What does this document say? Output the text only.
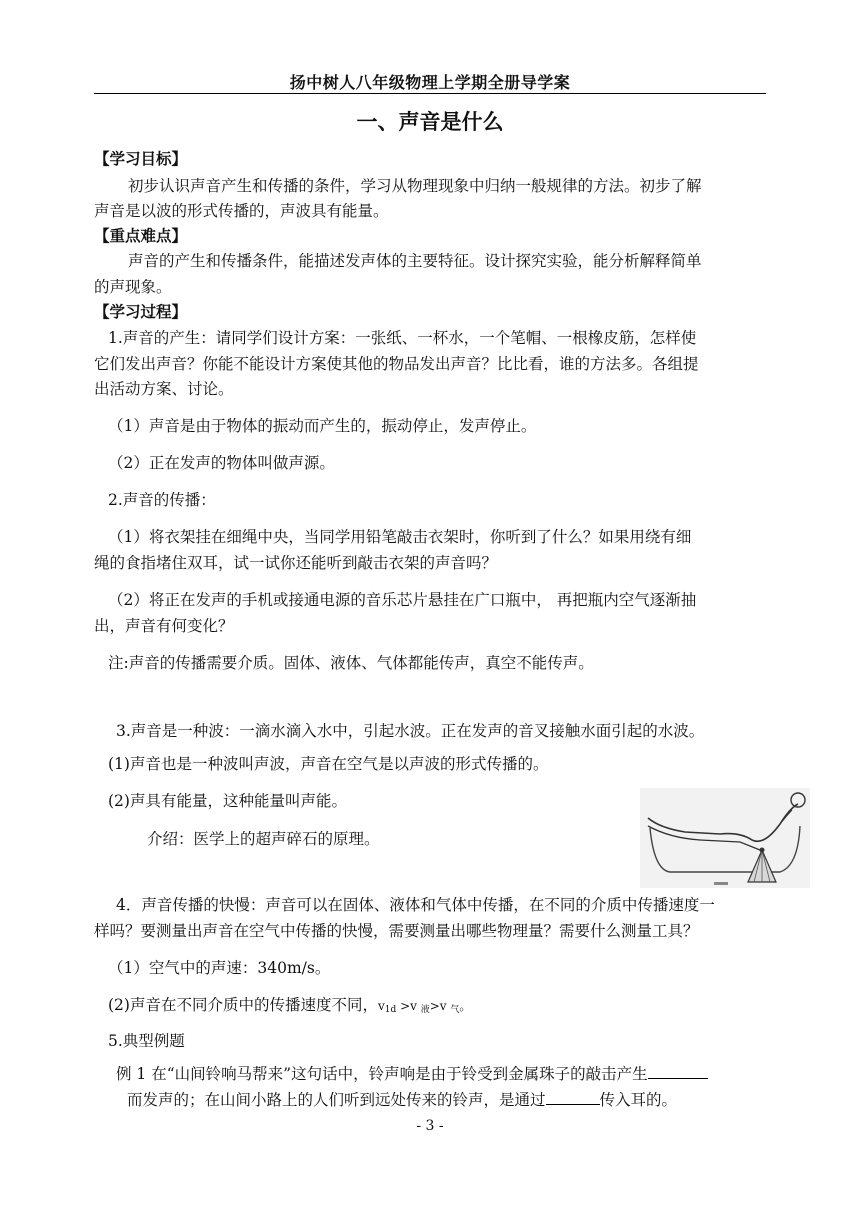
扬中树人八年级物理上学期全册导学案
一、声音是什么
【学习目标】
初步认识声音产生和传播的条件，学习从物理现象中归纳一般规律的方法。初步了解
声音是以波的形式传播的，声波具有能量。
【重点难点】
声音的产生和传播条件，能描述发声体的主要特征。设计探究实验，能分析解释简单
的声现象。
【学习过程】
1.声音的产生：请同学们设计方案：一张纸、一杯水，一个笔帽、一根橡皮筋，怎样使
它们发出声音？你能不能设计方案使其他的物品发出声音？比比看，谁的方法多。各组提
出活动方案、讨论。
（1）声音是由于物体的振动而产生的，振动停止，发声停止。
（2）正在发声的物体叫做声源。
2.声音的传播：
（1）将衣架挂在细绳中央，当同学用铅笔敲击衣架时，你听到了什么？如果用绕有细
绳的食指堵住双耳，试一试你还能听到敲击衣架的声音吗？
（2）将正在发声的手机或接通电源的音乐芯片悬挂在广口瓶中， 再把瓶内空气逐渐抽
出，声音有何变化？
注:声音的传播需要介质。固体、液体、气体都能传声，真空不能传声。
3.声音是一种波：一滴水滴入水中，引起水波。正在发声的音叉接触水面引起的水波。
(1)声音也是一种波叫声波，声音在空气是以声波的形式传播的。
(2)声具有能量，这种能量叫声能。
介绍：医学上的超声碎石的原理。
4．声音传播的快慢：声音可以在固体、液体和气体中传播，在不同的介质中传播速度一
样吗？要测量出声音在空气中传播的快慢，需要测量出哪些物理量？需要什么测量工具？
（1）空气中的声速：340m/s。
(2)声音在不同介质中的传播速度不同，$v_{1d} >v$ $_液$>v $_气$。
5.典型例题
例 1 在“山间铃响马帮来”这句话中，铃声响是由于铃受到金属珠子的敲击产生
而发声的；在山间小路上的人们听到远处传来的铃声，是通过	传入耳的。
- 3 -
